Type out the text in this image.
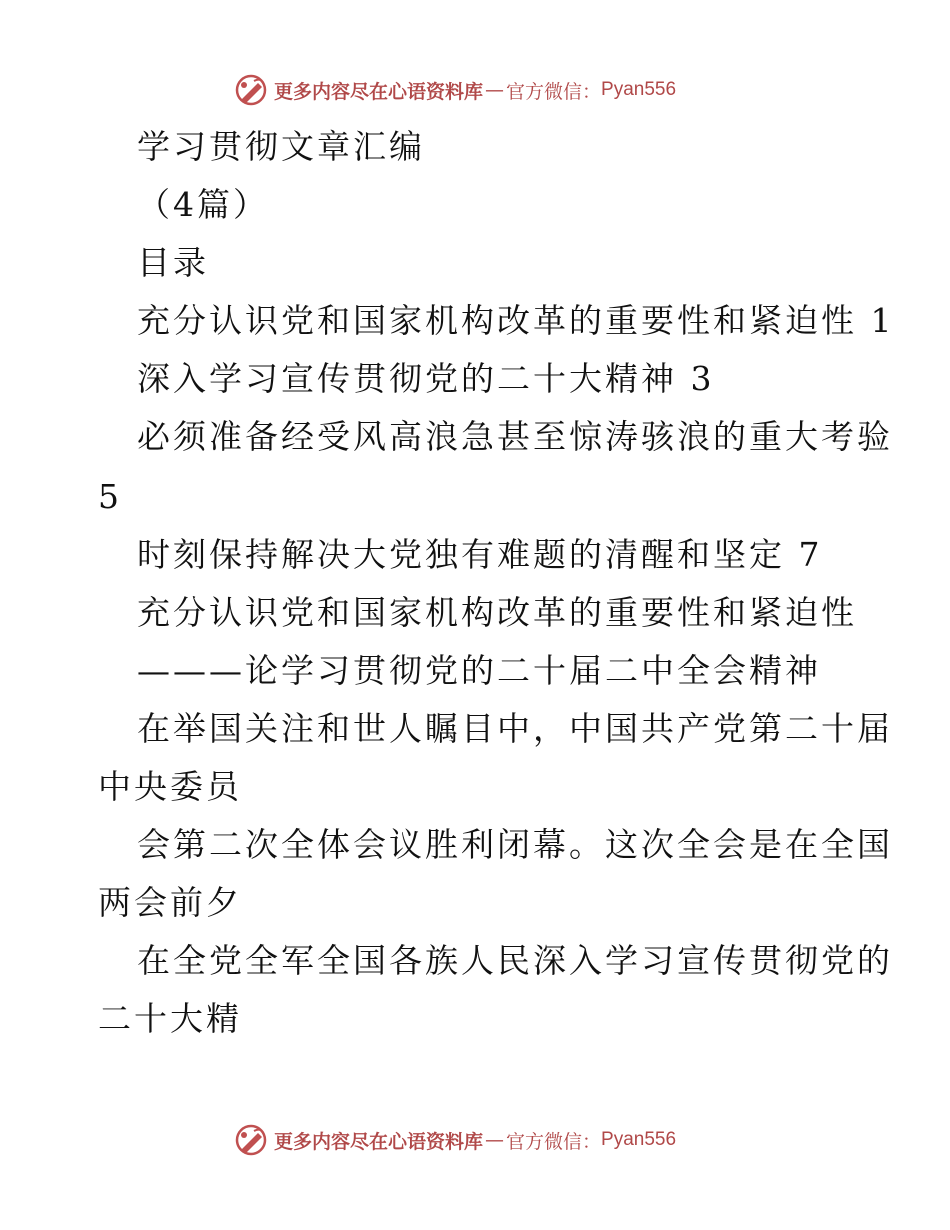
更多内容尽在心语资料库 — 官方微信： Pyan556
学习贯彻文章汇编
（4篇）
目录
充分认识党和国家机构改革的重要性和紧迫性 1
深入学习宣传贯彻党的二十大精神 3
必须准备经受风高浪急甚至惊涛骇浪的重大考验
5
时刻保持解决大党独有难题的清醒和坚定 7
充分认识党和国家机构改革的重要性和紧迫性
———论学习贯彻党的二十届二中全会精神
在举国关注和世人瞩目中，中国共产党第二十届
中央委员
会第二次全体会议胜利闭幕。这次全会是在全国
两会前夕
在全党全军全国各族人民深入学习宣传贯彻党的
二十大精
更多内容尽在心语资料库 — 官方微信： Pyan556
